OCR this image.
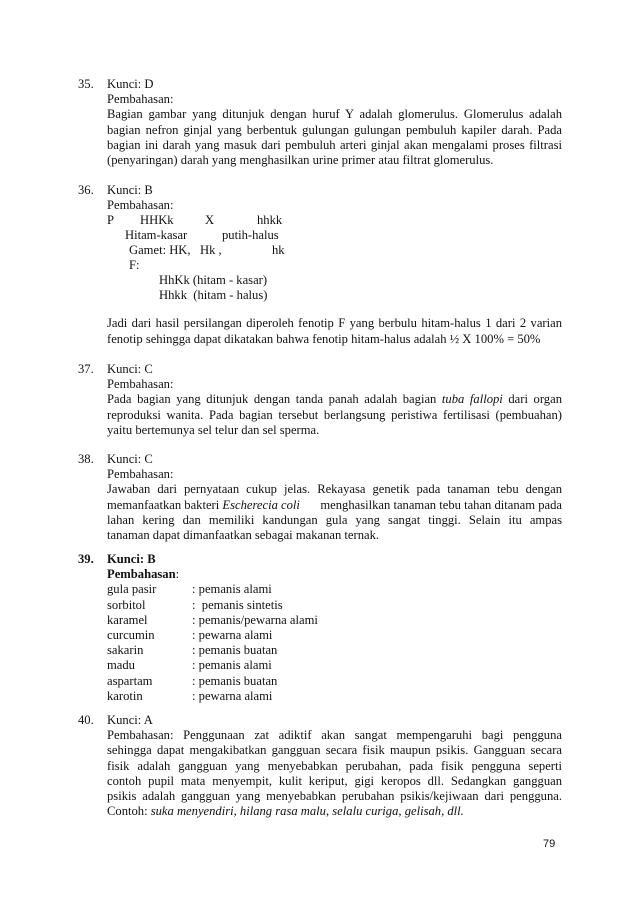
35. Kunci: D
Pembahasan:
Bagian gambar yang ditunjuk dengan huruf Y adalah glomerulus. Glomerulus adalah
bagian nefron ginjal yang berbentuk gulungan gulungan pembuluh kapiler darah. Pada
bagian ini darah yang masuk dari pembuluh arteri ginjal akan mengalami proses filtrasi
(penyaringan) darah yang menghasilkan urine primer atau filtrat glomerulus.
36. Kunci: B
Pembahasan:
P HHKk X	hhkk
Hitam-kasar	putih-halus
Gamet: HK,   Hk ,	hk
F:
HhKk (hitam - kasar)
Hhkk  (hitam - halus)
Jadi dari hasil persilangan diperoleh fenotip F yang berbulu hitam-halus 1 dari 2 varian
fenotip sehingga dapat dikatakan bahwa fenotip hitam-halus adalah ½ X 100% = 50%
37. Kunci: C
Pembahasan:
Pada bagian yang ditunjuk dengan tanda panah adalah bagian tuba fallopi dari organ
reproduksi wanita. Pada bagian tersebut berlangsung peristiwa fertilisasi (pembuahan)
yaitu bertemunya sel telur dan sel sperma.
38. Kunci: C
Pembahasan:
Jawaban dari pernyataan cukup jelas. Rekayasa genetik pada tanaman tebu dengan
memanfaatkan bakteri Escherecia coli menghasilkan tanaman tebu tahan ditanam pada
lahan kering dan memiliki kandungan gula yang sangat tinggi. Selain itu ampas
tanaman dapat dimanfaatkan sebagai makanan ternak.
39. Kunci: B
Pembahasan:
gula pasir	: pemanis alami
sorbitol	:  pemanis sintetis
karamel	: pemanis/pewarna alami
curcumin	: pewarna alami
sakarin	: pemanis buatan
madu	: pemanis alami
aspartam	: pemanis buatan
karotin	: pewarna alami
40. Kunci: A
Pembahasan: Penggunaan zat adiktif akan sangat mempengaruhi bagi pengguna
sehingga dapat mengakibatkan gangguan secara fisik maupun psikis. Gangguan secara
fisik adalah gangguan yang menyebabkan perubahan, pada fisik pengguna seperti
contoh pupil mata menyempit, kulit keriput, gigi keropos dll. Sedangkan gangguan
psikis adalah gangguan yang menyebabkan perubahan psikis/kejiwaan dari pengguna.
Contoh: suka menyendiri, hilang rasa malu, selalu curiga, gelisah, dll.
79
